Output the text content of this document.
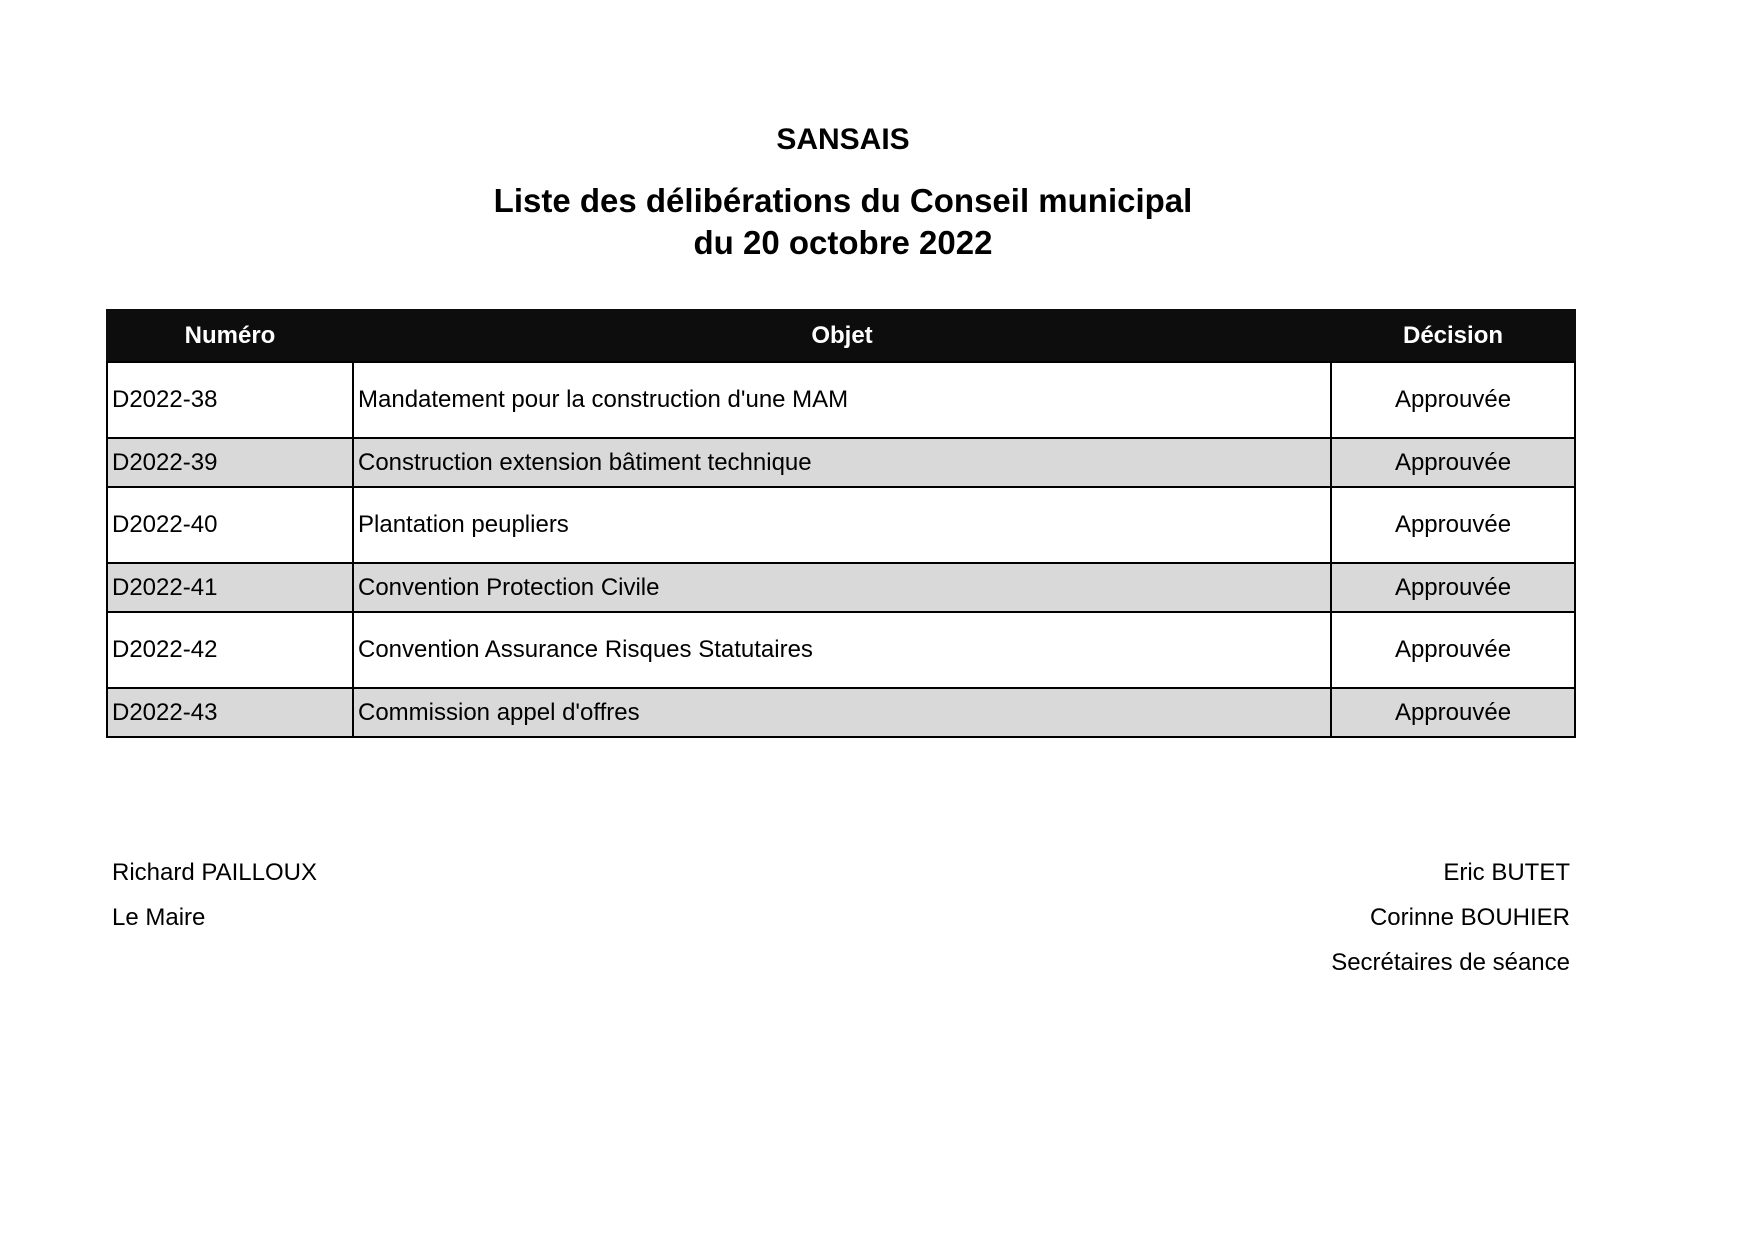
SANSAIS
Liste des délibérations du Conseil municipal
du 20 octobre 2022
Numéro	Objet	Décision
D2022-38	Mandatement pour la construction d'une MAM	Approuvée
D2022-39	Construction extension bâtiment technique	Approuvée
D2022-40	Plantation peupliers	Approuvée
D2022-41	Convention Protection Civile	Approuvée
D2022-42	Convention Assurance Risques Statutaires	Approuvée
D2022-43	Commission appel d'offres	Approuvée
Richard PAILLOUX
Le Maire
Eric BUTET
Corinne BOUHIER
Secrétaires de séance
